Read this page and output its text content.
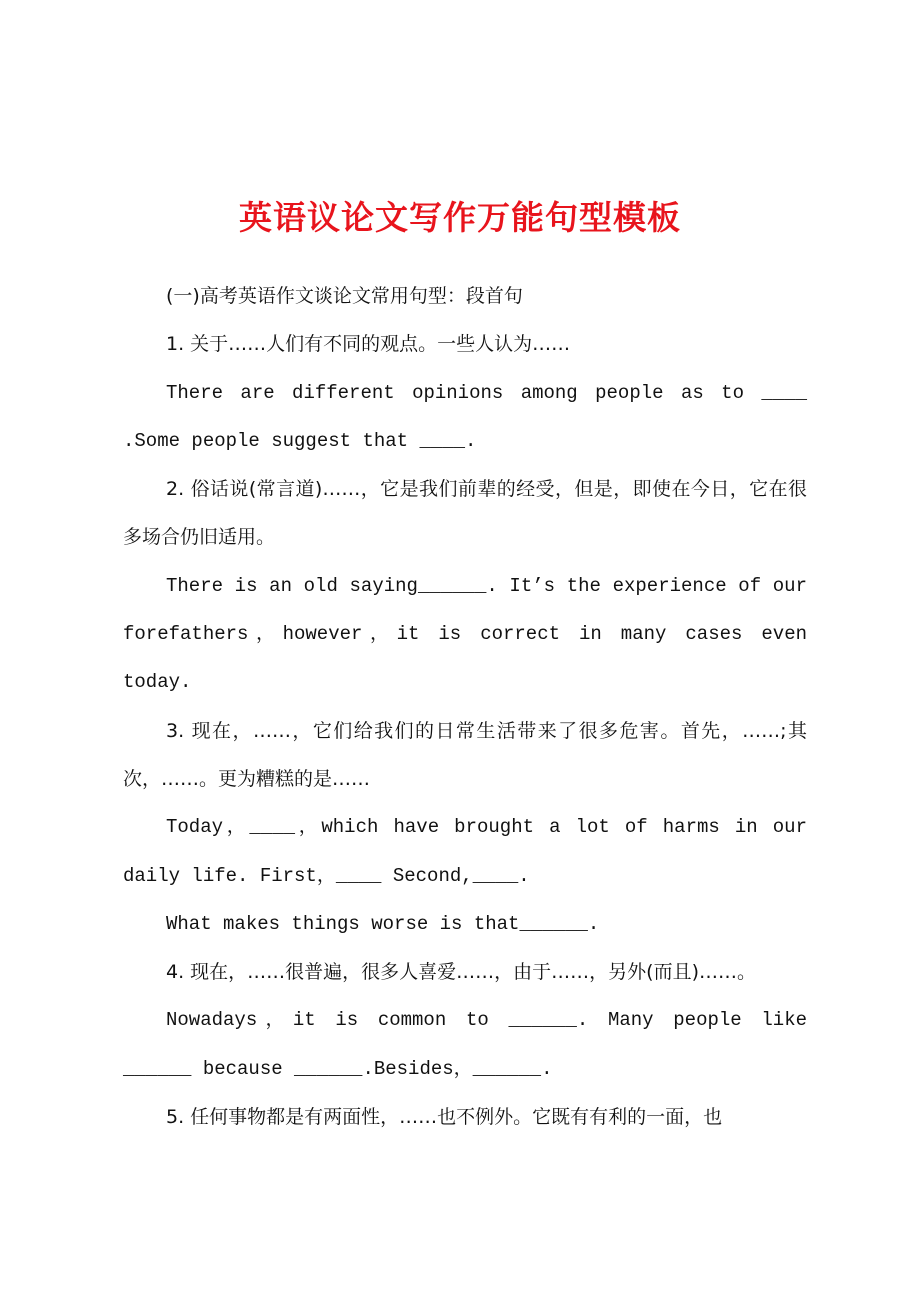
英语议论文写作万能句型模板

(一)高考英语作文谈论文常用句型：段首句

1. 关于……人们有不同的观点。一些人认为……

There are different opinions among people as to ____ .Some people suggest that ____.

2. 俗话说(常言道)……，它是我们前辈的经受，但是，即使在今日，它在很多场合仍旧适用。

There is an old saying______. It’s the experience of our forefathers，however，it is correct in many cases even today.

3. 现在，……，它们给我们的日常生活带来了很多危害。首先，……;其次，……。更为糟糕的是……

Today，____，which have brought a lot of harms in our daily life. First，____ Second,____.

What makes things worse is that______.

4. 现在，……很普遍，很多人喜爱……，由于……，另外(而且)……。

Nowadays，it is common to ______. Many people like ______ because ______.Besides，______.

5. 任何事物都是有两面性，……也不例外。它既有有利的一面，也
